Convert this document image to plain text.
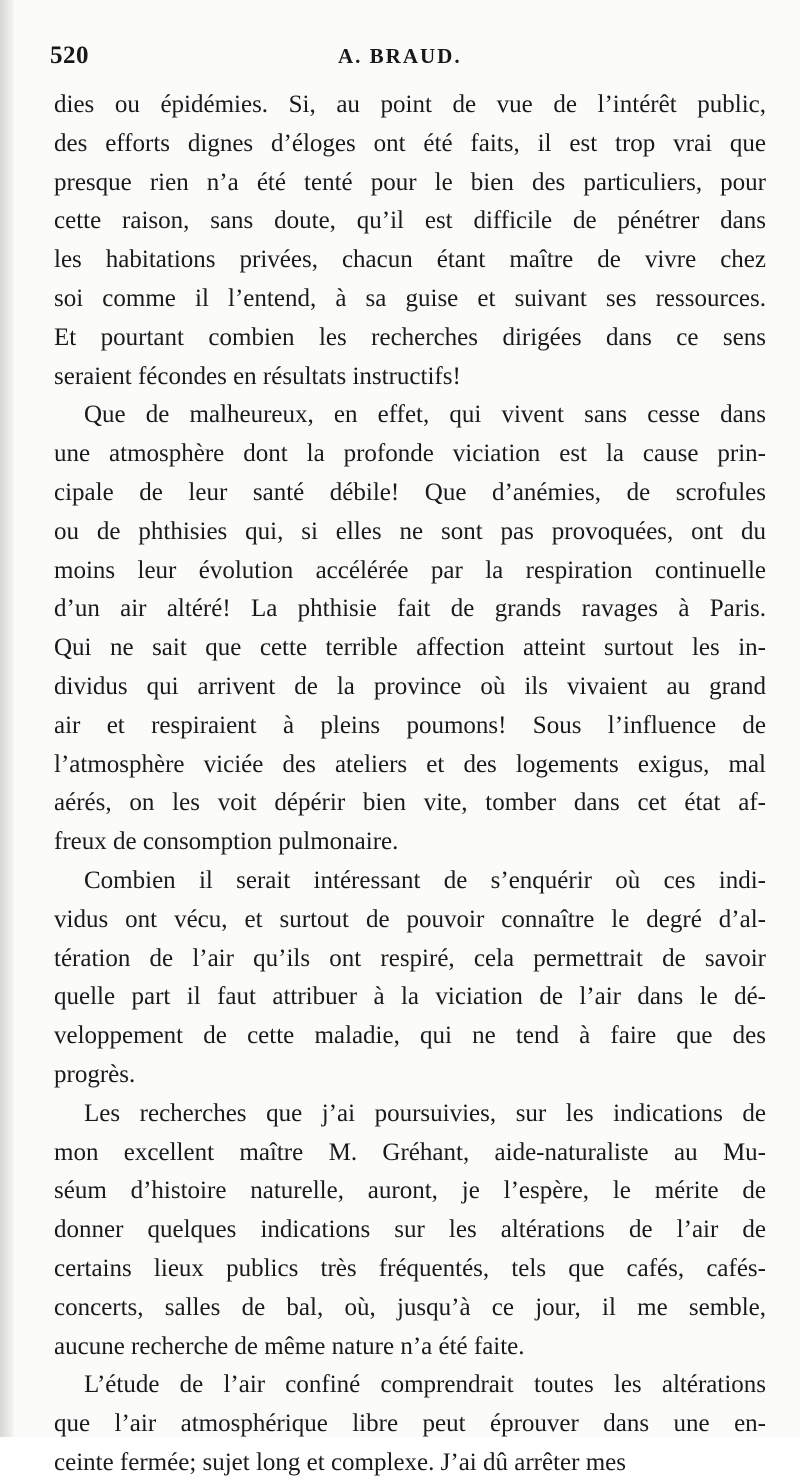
520	A. BRAUD.
dies ou épidémies. Si, au point de vue de l’intérêt public,
des efforts dignes d’éloges ont été faits, il est trop vrai que
presque rien n’a été tenté pour le bien des particuliers, pour
cette raison, sans doute, qu’il est difficile de pénétrer dans
les habitations privées, chacun étant maître de vivre chez
soi comme il l’entend, à sa guise et suivant ses ressources.
Et pourtant combien les recherches dirigées dans ce sens
seraient fécondes en résultats instructifs!
Que de malheureux, en effet, qui vivent sans cesse dans
une atmosphère dont la profonde viciation est la cause prin-
cipale de leur santé débile! Que d’anémies, de scrofules
ou de phthisies qui, si elles ne sont pas provoquées, ont du
moins leur évolution accélérée par la respiration continuelle
d’un air altéré! La phthisie fait de grands ravages à Paris.
Qui ne sait que cette terrible affection atteint surtout les in-
dividus qui arrivent de la province où ils vivaient au grand
air et respiraient à pleins poumons! Sous l’influence de
l’atmosphère viciée des ateliers et des logements exigus, mal
aérés, on les voit dépérir bien vite, tomber dans cet état af-
freux de consomption pulmonaire.
Combien il serait intéressant de s’enquérir où ces indi-
vidus ont vécu, et surtout de pouvoir connaître le degré d’al-
tération de l’air qu’ils ont respiré, cela permettrait de savoir
quelle part il faut attribuer à la viciation de l’air dans le dé-
veloppement de cette maladie, qui ne tend à faire que des
progrès.
Les recherches que j’ai poursuivies, sur les indications de
mon excellent maître M. Gréhant, aide-naturaliste au Mu-
séum d’histoire naturelle, auront, je l’espère, le mérite de
donner quelques indications sur les altérations de l’air de
certains lieux publics très fréquentés, tels que cafés, cafés-
concerts, salles de bal, où, jusqu’à ce jour, il me semble,
aucune recherche de même nature n’a été faite.
L’étude de l’air confiné comprendrait toutes les altérations
que l’air atmosphérique libre peut éprouver dans une en-
ceinte fermée; sujet long et complexe. J’ai dû arrêter mes
